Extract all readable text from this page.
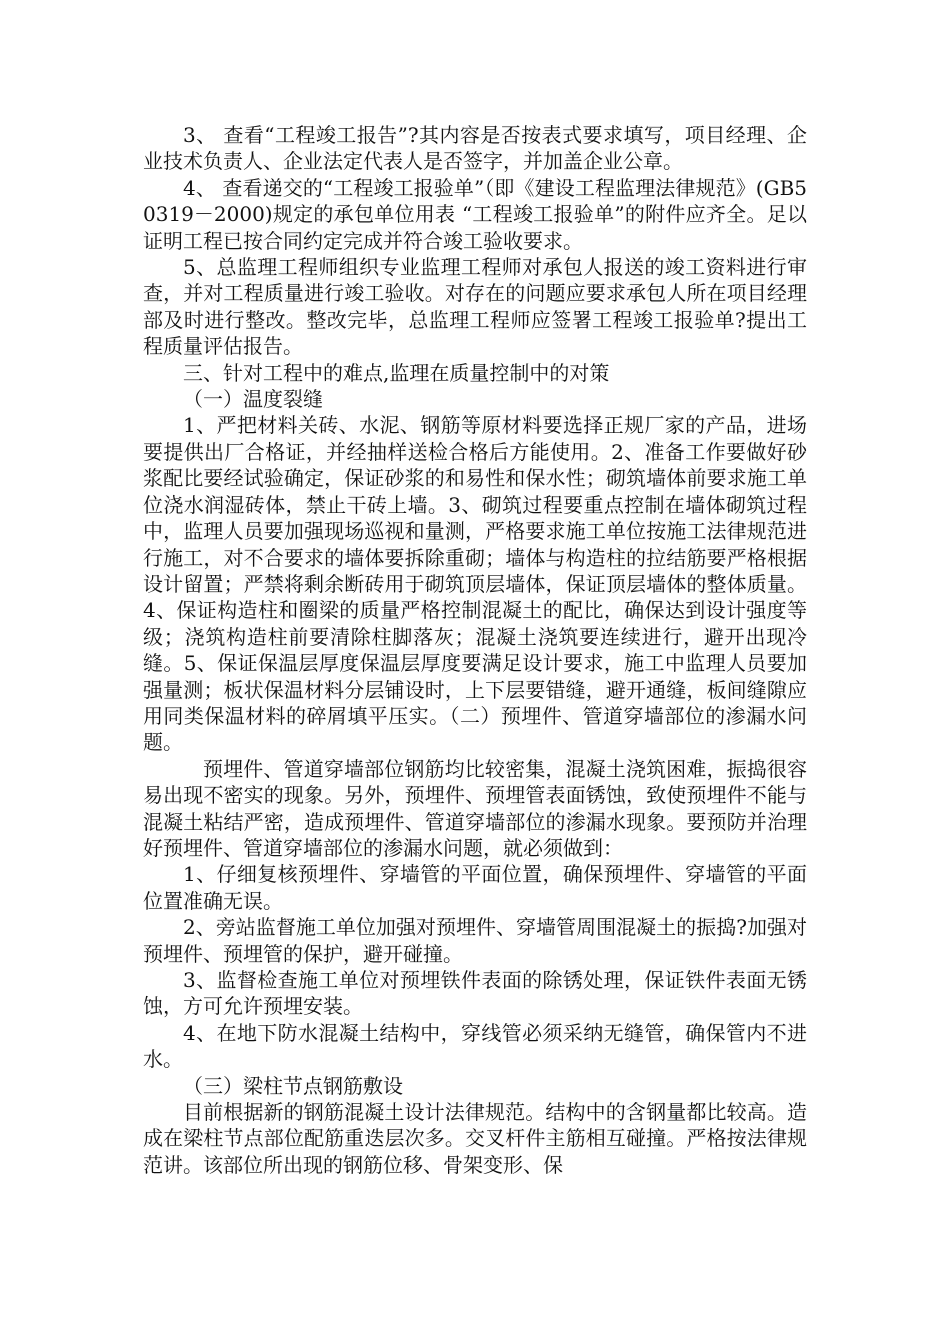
3、 查看“工程竣工报告”?其内容是否按表式要求填写，项目经理、企业技术负责人、企业法定代表人是否签字，并加盖企业公章。

4、 查看递交的“工程竣工报验单”（即《建设工程监理法律规范》(GB50319－2000)规定的承包单位用表 “工程竣工报验单”的附件应齐全。足以证明工程已按合同约定完成并符合竣工验收要求。

5、总监理工程师组织专业监理工程师对承包人报送的竣工资料进行审查，并对工程质量进行竣工验收。对存在的问题应要求承包人所在项目经理部及时进行整改。整改完毕，总监理工程师应签署工程竣工报验单?提出工程质量评估报告。

三、针对工程中的难点,监理在质量控制中的对策

（一）温度裂缝

1、严把材料关砖、水泥、钢筋等原材料要选择正规厂家的产品，进场要提供出厂合格证，并经抽样送检合格后方能使用。2、准备工作要做好砂浆配比要经试验确定，保证砂浆的和易性和保水性；砌筑墙体前要求施工单位浇水润湿砖体，禁止干砖上墙。3、砌筑过程要重点控制在墙体砌筑过程中，监理人员要加强现场巡视和量测，严格要求施工单位按施工法律规范进行施工，对不合要求的墙体要拆除重砌；墙体与构造柱的拉结筋要严格根据设计留置；严禁将剩余断砖用于砌筑顶层墙体，保证顶层墙体的整体质量。4、保证构造柱和圈梁的质量严格控制混凝土的配比，确保达到设计强度等级；浇筑构造柱前要清除柱脚落灰；混凝土浇筑要连续进行，避开出现冷缝。5、保证保温层厚度保温层厚度要满足设计要求，施工中监理人员要加强量测；板状保温材料分层铺设时，上下层要错缝，避开通缝，板间缝隙应用同类保温材料的碎屑填平压实。（二）预埋件、管道穿墙部位的渗漏水问题。

预埋件、管道穿墙部位钢筋均比较密集，混凝土浇筑困难，振捣很容易出现不密实的现象。另外，预埋件、预埋管表面锈蚀，致使预埋件不能与混凝土粘结严密，造成预埋件、管道穿墙部位的渗漏水现象。要预防并治理好预埋件、管道穿墙部位的渗漏水问题，就必须做到：

1、仔细复核预埋件、穿墙管的平面位置，确保预埋件、穿墙管的平面位置准确无误。

2、旁站监督施工单位加强对预埋件、穿墙管周围混凝土的振捣?加强对预埋件、预埋管的保护，避开碰撞。

3、监督检查施工单位对预埋铁件表面的除锈处理，保证铁件表面无锈蚀，方可允许预埋安装。

4、在地下防水混凝土结构中，穿线管必须采纳无缝管，确保管内不进水。

（三）梁柱节点钢筋敷设

目前根据新的钢筋混凝土设计法律规范。结构中的含钢量都比较高。造成在梁柱节点部位配筋重迭层次多。交叉杆件主筋相互碰撞。严格按法律规范讲。该部位所出现的钢筋位移、骨架变形、保
